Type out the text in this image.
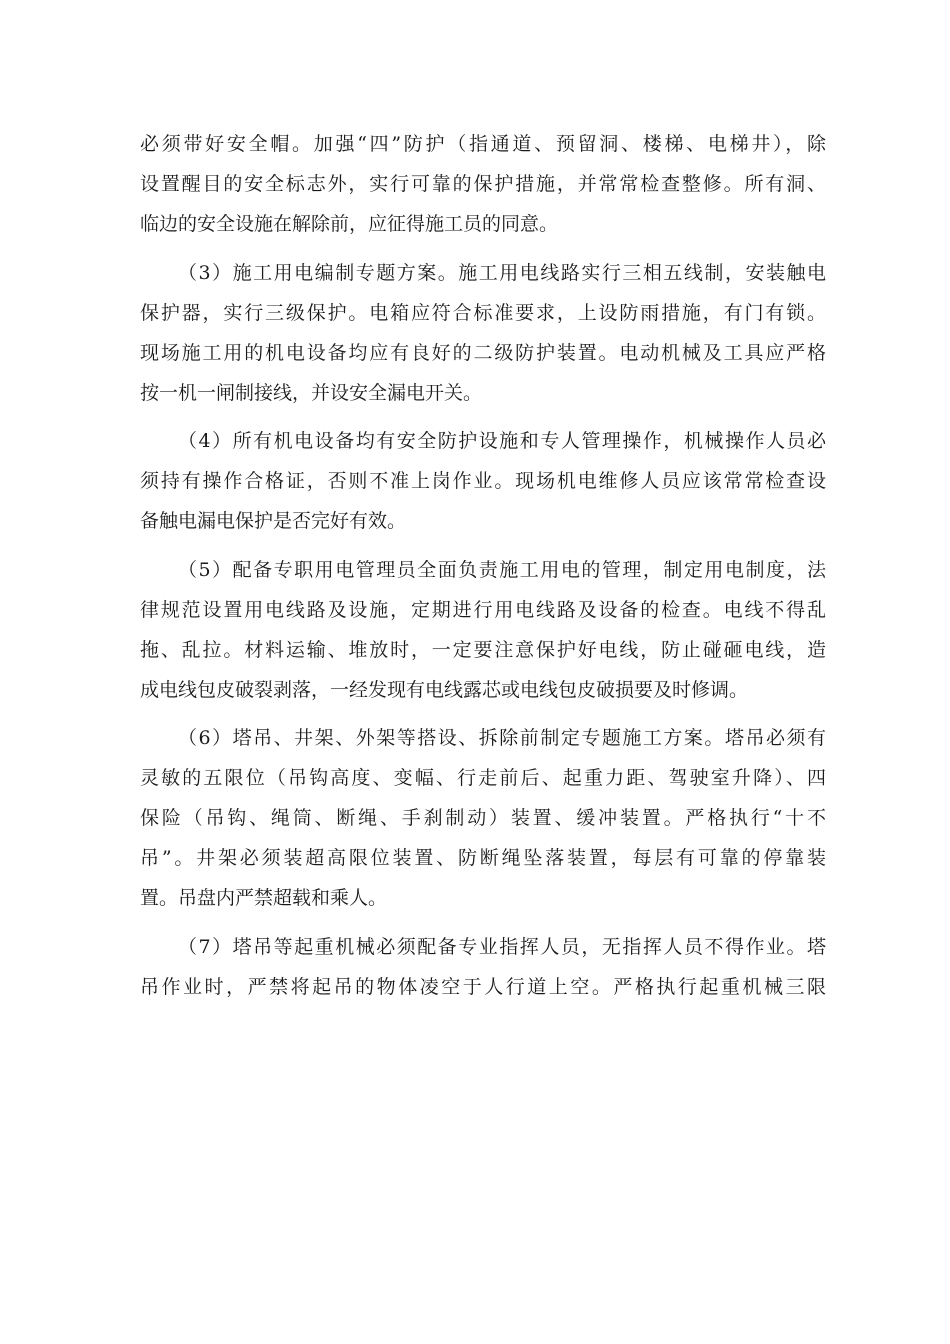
必须带好安全帽。加强“四”防护（指通道、预留洞、楼梯、电梯井），除
设置醒目的安全标志外，实行可靠的保护措施，并常常检查整修。所有洞、
临边的安全设施在解除前，应征得施工员的同意。
（3）施工用电编制专题方案。施工用电线路实行三相五线制，安装触电
保护器，实行三级保护。电箱应符合标准要求，上设防雨措施，有门有锁。
现场施工用的机电设备均应有良好的二级防护装置。电动机械及工具应严格
按一机一闸制接线，并设安全漏电开关。
（4）所有机电设备均有安全防护设施和专人管理操作，机械操作人员必
须持有操作合格证，否则不准上岗作业。现场机电维修人员应该常常检查设
备触电漏电保护是否完好有效。
（5）配备专职用电管理员全面负责施工用电的管理，制定用电制度，法
律规范设置用电线路及设施，定期进行用电线路及设备的检查。电线不得乱
拖、乱拉。材料运输、堆放时，一定要注意保护好电线，防止碰砸电线，造
成电线包皮破裂剥落，一经发现有电线露芯或电线包皮破损要及时修调。
（6）塔吊、井架、外架等搭设、拆除前制定专题施工方案。塔吊必须有
灵敏的五限位（吊钩高度、变幅、行走前后、起重力距、驾驶室升降）、四
保险（吊钩、绳筒、断绳、手刹制动）装置、缓冲装置。严格执行“十不
吊”。井架必须装超高限位装置、防断绳坠落装置，每层有可靠的停靠装
置。吊盘内严禁超载和乘人。
（7）塔吊等起重机械必须配备专业指挥人员，无指挥人员不得作业。塔
吊作业时，严禁将起吊的物体凌空于人行道上空。严格执行起重机械三限
